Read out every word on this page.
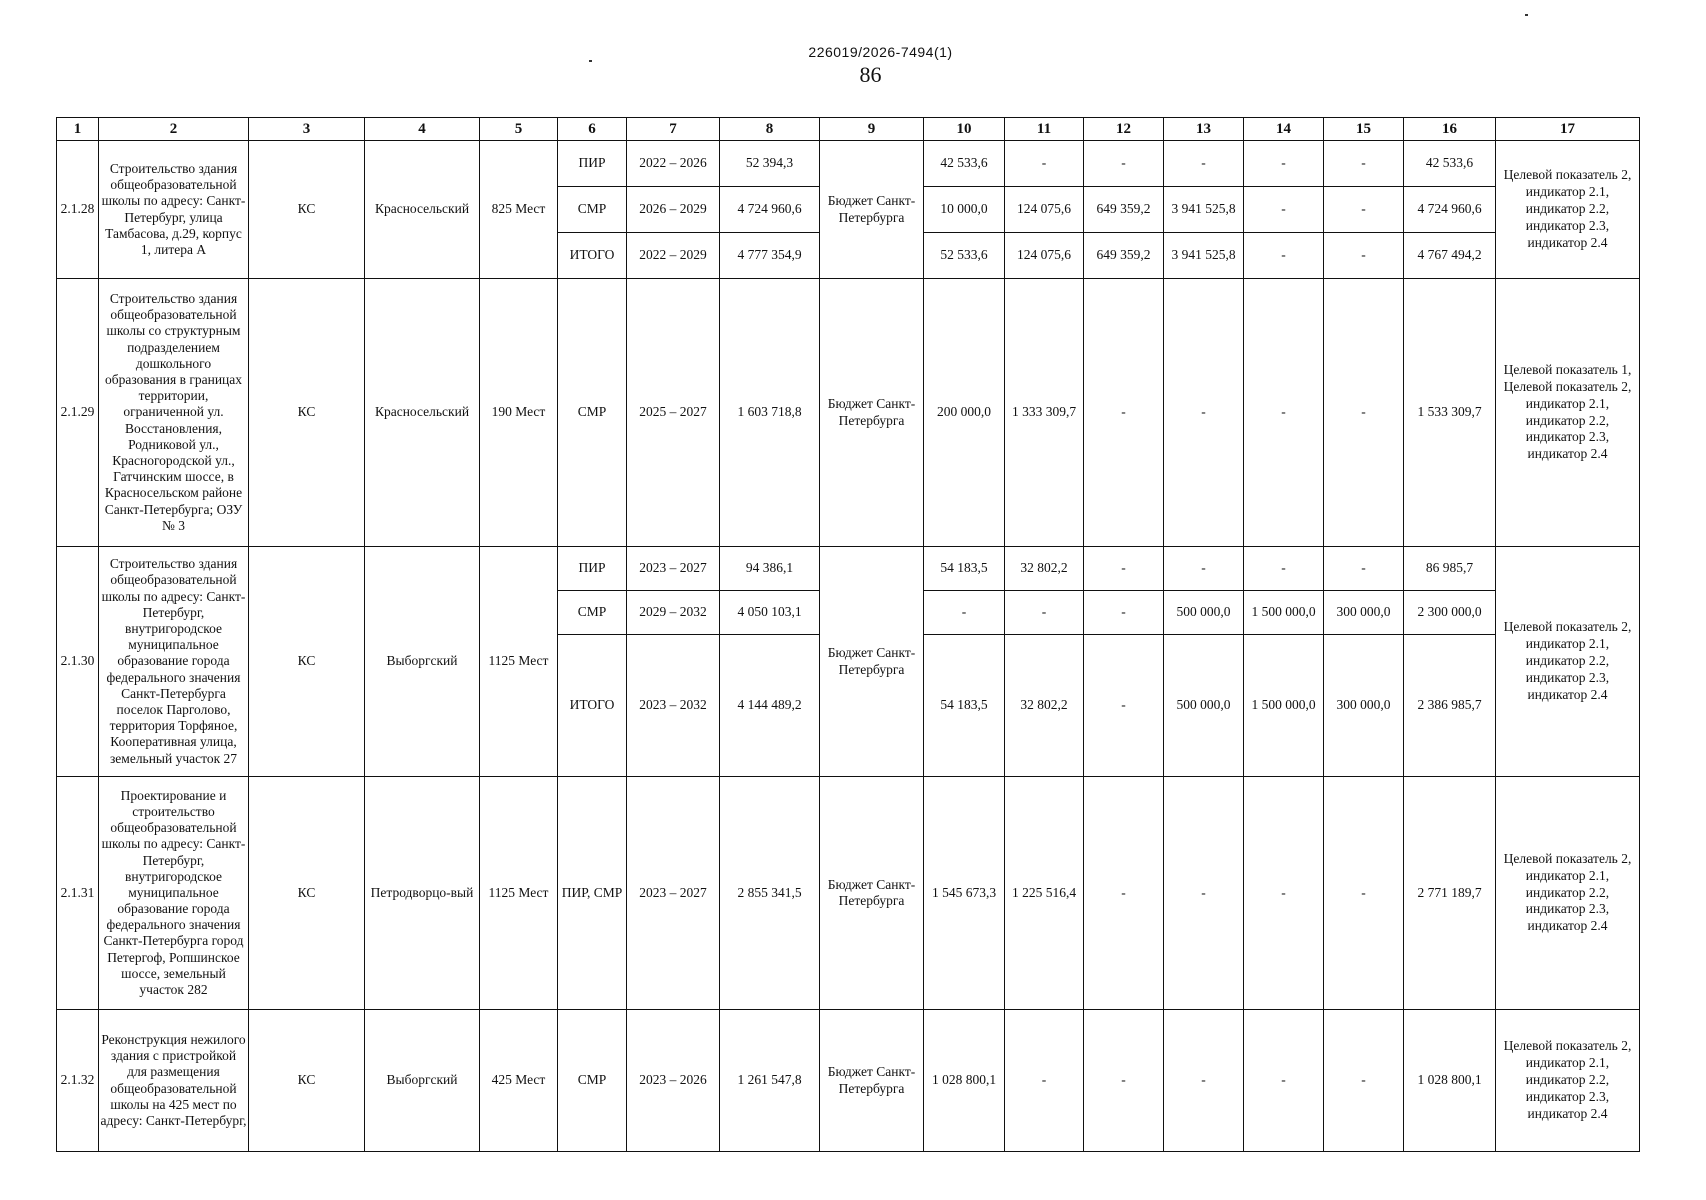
226019/2026-7494(1)
86
1	2	3	4	5	6	7	8	9	10	11	12	13	14	15	16	17
2.1.28	Строительство здания общеобразовательной школы по адресу: Санкт-Петербург, улица Тамбасова, д.29, корпус 1, литера А	КС	Красносельский	825 Мест	ПИР	2022 – 2026	52 394,3	Бюджет Санкт-Петербурга	42 533,6	-	-	-	-	-	42 533,6	Целевой показатель 2, индикатор 2.1, индикатор 2.2, индикатор 2.3, индикатор 2.4
					СМР	2026 – 2029	4 724 960,6		10 000,0	124 075,6	649 359,2	3 941 525,8	-	-	4 724 960,6	
					ИТОГО	2022 – 2029	4 777 354,9		52 533,6	124 075,6	649 359,2	3 941 525,8	-	-	4 767 494,2	
2.1.29	Строительство здания общеобразовательной школы со структурным подразделением дошкольного образования в границах территории, ограниченной ул. Восстановления, Родниковой ул., Красногородской ул., Гатчинским шоссе, в Красносельском районе Санкт-Петербурга; ОЗУ № 3	КС	Красносельский	190 Мест	СМР	2025 – 2027	1 603 718,8	Бюджет Санкт-Петербурга	200 000,0	1 333 309,7	-	-	-	-	1 533 309,7	Целевой показатель 1, Целевой показатель 2, индикатор 2.1, индикатор 2.2, индикатор 2.3, индикатор 2.4
2.1.30	Строительство здания общеобразовательной школы по адресу: Санкт-Петербург, внутригородское муниципальное образование города федерального значения Санкт-Петербурга поселок Парголово, территория Торфяное, Кооперативная улица, земельный участок 27	КС	Выборгский	1125 Мест	ПИР	2023 – 2027	94 386,1	Бюджет Санкт-Петербурга	54 183,5	32 802,2	-	-	-	-	86 985,7	Целевой показатель 2, индикатор 2.1, индикатор 2.2, индикатор 2.3, индикатор 2.4
					СМР	2029 – 2032	4 050 103,1		-	-	-	500 000,0	1 500 000,0	300 000,0	2 300 000,0	
					ИТОГО	2023 – 2032	4 144 489,2		54 183,5	32 802,2	-	500 000,0	1 500 000,0	300 000,0	2 386 985,7	
2.1.31	Проектирование и строительство общеобразовательной школы по адресу: Санкт-Петербург, внутригородское муниципальное образование города федерального значения Санкт-Петербурга город Петергоф, Ропшинское шоссе, земельный участок 282	КС	Петродворцо-вый	1125 Мест	ПИР, СМР	2023 – 2027	2 855 341,5	Бюджет Санкт-Петербурга	1 545 673,3	1 225 516,4	-	-	-	-	2 771 189,7	Целевой показатель 2, индикатор 2.1, индикатор 2.2, индикатор 2.3, индикатор 2.4
2.1.32	Реконструкция нежилого здания с пристройкой для размещения общеобразовательной школы на 425 мест по адресу: Санкт-Петербург,	КС	Выборгский	425 Мест	СМР	2023 – 2026	1 261 547,8	Бюджет Санкт-Петербурга	1 028 800,1	-	-	-	-	-	1 028 800,1	Целевой показатель 2, индикатор 2.1, индикатор 2.2, индикатор 2.3, индикатор 2.4
